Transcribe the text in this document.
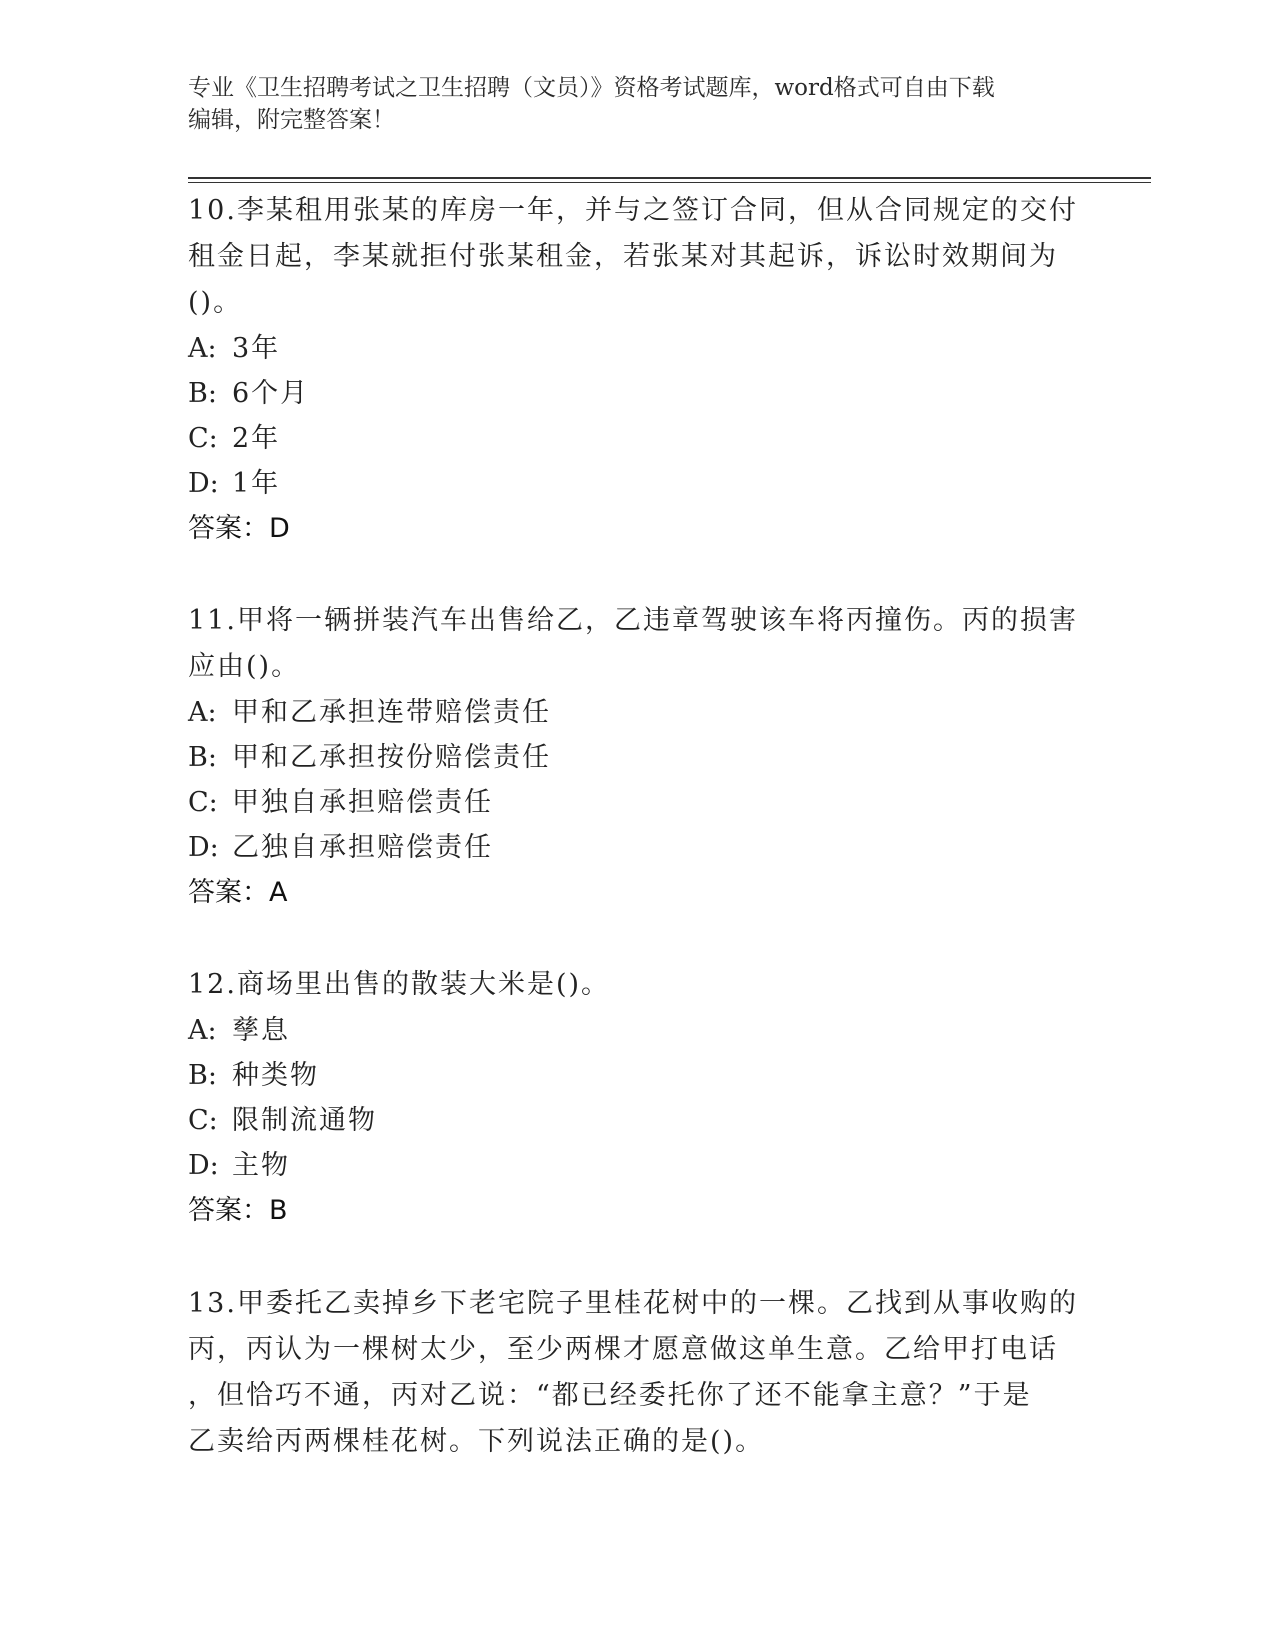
专业《卫生招聘考试之卫生招聘（文员）》资格考试题库，word格式可自由下载
编辑，附完整答案！
10.李某租用张某的库房一年，并与之签订合同，但从合同规定的交付
租金日起，李某就拒付张某租金，若张某对其起诉，诉讼时效期间为
()。
A: 3年
B: 6个月
C: 2年
D: 1年
答案：D
11.甲将一辆拼装汽车出售给乙，乙违章驾驶该车将丙撞伤。丙的损害
应由()。
A: 甲和乙承担连带赔偿责任
B: 甲和乙承担按份赔偿责任
C: 甲独自承担赔偿责任
D: 乙独自承担赔偿责任
答案：A
12.商场里出售的散装大米是()。
A: 孳息
B: 种类物
C: 限制流通物
D: 主物
答案：B
13.甲委托乙卖掉乡下老宅院子里桂花树中的一棵。乙找到从事收购的
丙，丙认为一棵树太少，至少两棵才愿意做这单生意。乙给甲打电话
，但恰巧不通，丙对乙说：“都已经委托你了还不能拿主意？”于是
乙卖给丙两棵桂花树。下列说法正确的是()。
